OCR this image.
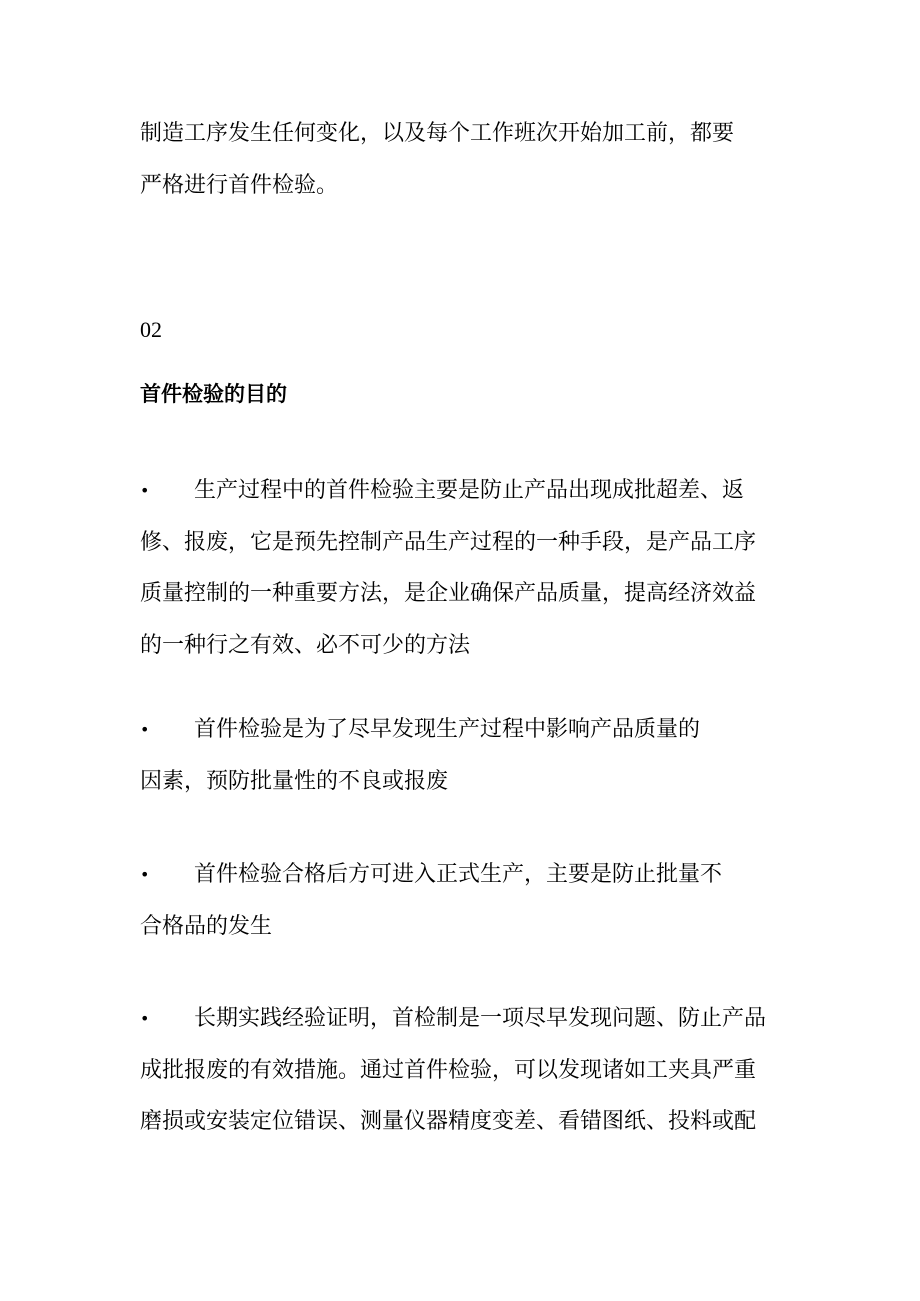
制造工序发生任何变化，以及每个工作班次开始加工前，都要
严格进行首件检验。

02

首件检验的目的
•	生产过程中的首件检验主要是防止产品出现成批超差、返
修、报废，它是预先控制产品生产过程的一种手段，是产品工序
质量控制的一种重要方法，是企业确保产品质量，提高经济效益
的一种行之有效、必不可少的方法
•	首件检验是为了尽早发现生产过程中影响产品质量的
因素，预防批量性的不良或报废
•	首件检验合格后方可进入正式生产，主要是防止批量不
合格品的发生
•	长期实践经验证明，首检制是一项尽早发现问题、防止产品
成批报废的有效措施。通过首件检验，可以发现诸如工夹具严重
磨损或安装定位错误、测量仪器精度变差、看错图纸、投料或配
